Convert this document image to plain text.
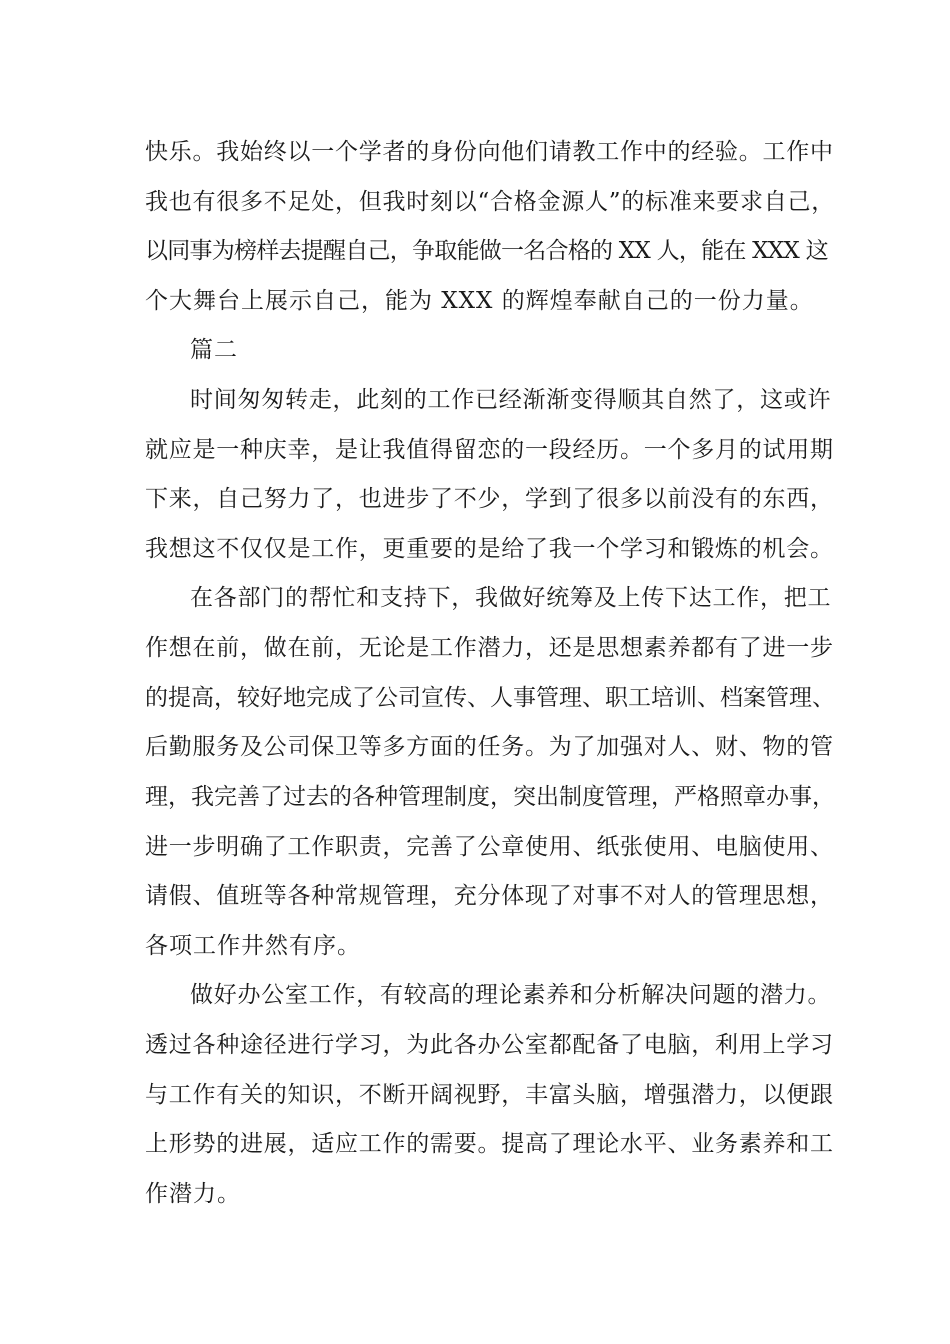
快乐。我始终以一个学者的身份向他们请教工作中的经验。工作中
我也有很多不足处，但我时刻以“合格金源人”的标准来要求自己，
以同事为榜样去提醒自己，争取能做一名合格的 XX 人，能在 XXX 这
个大舞台上展示自己，能为 XXX 的辉煌奉献自己的一份力量。
篇二
时间匆匆转走，此刻的工作已经渐渐变得顺其自然了，这或许
就应是一种庆幸，是让我值得留恋的一段经历。一个多月的试用期
下来，自己努力了，也进步了不少，学到了很多以前没有的东西，
我想这不仅仅是工作，更重要的是给了我一个学习和锻炼的机会。
在各部门的帮忙和支持下，我做好统筹及上传下达工作，把工
作想在前，做在前，无论是工作潜力，还是思想素养都有了进一步
的提高，较好地完成了公司宣传、人事管理、职工培训、档案管理、
后勤服务及公司保卫等多方面的任务。为了加强对人、财、物的管
理，我完善了过去的各种管理制度，突出制度管理，严格照章办事，
进一步明确了工作职责，完善了公章使用、纸张使用、电脑使用、
请假、值班等各种常规管理，充分体现了对事不对人的管理思想，
各项工作井然有序。
做好办公室工作，有较高的理论素养和分析解决问题的潜力。
透过各种途径进行学习，为此各办公室都配备了电脑，利用上学习
与工作有关的知识，不断开阔视野，丰富头脑，增强潜力，以便跟
上形势的进展，适应工作的需要。提高了理论水平、业务素养和工
作潜力。
